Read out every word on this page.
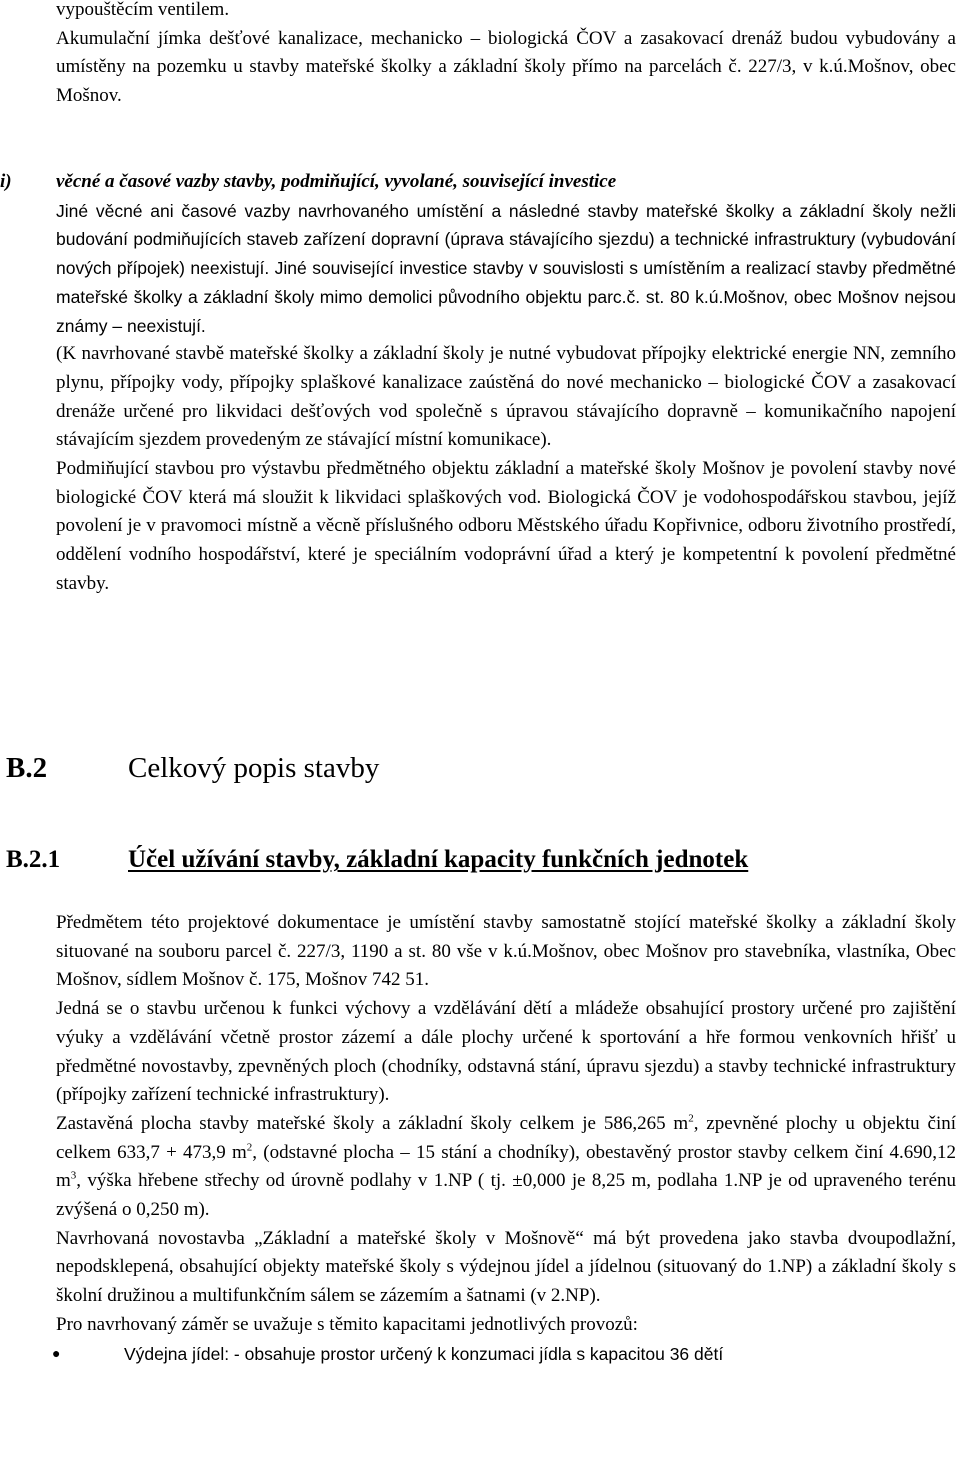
vypouštěcím ventilem.

Akumulační jímka dešťové kanalizace, mechanicko – biologická ČOV a zasakovací drenáž budou vybudovány a umístěny na pozemku u stavby mateřské školky a základní školy přímo na parcelách č. 227/3, v k.ú.Mošnov, obec Mošnov.

i)	věcné a časové vazby stavby, podmiňující, vyvolané, související investice

Jiné věcné ani časové vazby navrhovaného umístění a následné stavby mateřské školky a základní školy nežli budování podmiňujících staveb zařízení dopravní (úprava stávajícího sjezdu) a technické infrastruktury (vybudování nových přípojek) neexistují. Jiné související investice stavby v souvislosti s umístěním a realizací stavby předmětné mateřské školky a základní školy mimo demolici původního objektu parc.č. st. 80 k.ú.Mošnov, obec Mošnov nejsou známy – neexistují.

(K navrhované stavbě mateřské školky a základní školy je nutné vybudovat přípojky elektrické energie NN, zemního plynu, přípojky vody, přípojky splaškové kanalizace zaústěná do nové mechanicko – biologické ČOV a zasakovací drenáže určené pro likvidaci dešťových vod společně s úpravou stávajícího dopravně – komunikačního napojení stávajícím sjezdem provedeným ze stávající místní komunikace).

Podmiňující stavbou pro výstavbu předmětného objektu základní a mateřské školy Mošnov je povolení stavby nové biologické ČOV která má sloužit k likvidaci splaškových vod. Biologická ČOV je vodohospodářskou stavbou, jejíž povolení je v pravomoci místně a věcně příslušného odboru Městského úřadu Kopřivnice, odboru životního prostředí, oddělení vodního hospodářství, které je speciálním vodoprávní úřad a který je kompetentní k povolení předmětné stavby.

B.2	Celkový popis stavby
B.2.1	Účel užívání stavby, základní kapacity funkčních jednotek

Předmětem této projektové dokumentace je umístění stavby samostatně stojící mateřské školky a základní školy situované na souboru parcel č. 227/3, 1190 a st. 80 vše v k.ú.Mošnov, obec Mošnov pro stavebníka, vlastníka, Obec Mošnov, sídlem Mošnov č. 175, Mošnov 742 51.

Jedná se o stavbu určenou k funkci výchovy a vzdělávání dětí a mládeže obsahující prostory určené pro zajištění výuky a vzdělávání včetně prostor zázemí a dále plochy určené k sportování a hře formou venkovních hřišť u předmětné novostavby, zpevněných ploch (chodníky, odstavná stání, úpravu sjezdu) a stavby technické infrastruktury (přípojky zařízení technické infrastruktury).

Zastavěná plocha stavby mateřské školy a základní školy celkem je 586,265 $m^2$, zpevněné plochy u objektu činí celkem 633,7 + 473,9 $m^2$, (odstavné plocha – 15 stání a chodníky), obestavěný prostor stavby celkem činí 4.690,12 $m^3$, výška hřebene střechy od úrovně podlahy v 1.NP ( tj. ±0,000 je 8,25 m, podlaha 1.NP je od upraveného terénu zvýšená o 0,250 m).

Navrhovaná novostavba „Základní a mateřské školy v Mošnově“ má být provedena jako stavba dvoupodlažní, nepodsklepená, obsahující objekty mateřské školy s výdejnou jídel a jídelnou (situovaný do 1.NP) a základní školy s školní družinou a multifunkčním sálem se zázemím a šatnami (v 2.NP).

Pro navrhovaný záměr se uvažuje s těmito kapacitami jednotlivých provozů:

●	Výdejna jídel: - obsahuje prostor určený k konzumaci jídla s kapacitou 36 dětí
